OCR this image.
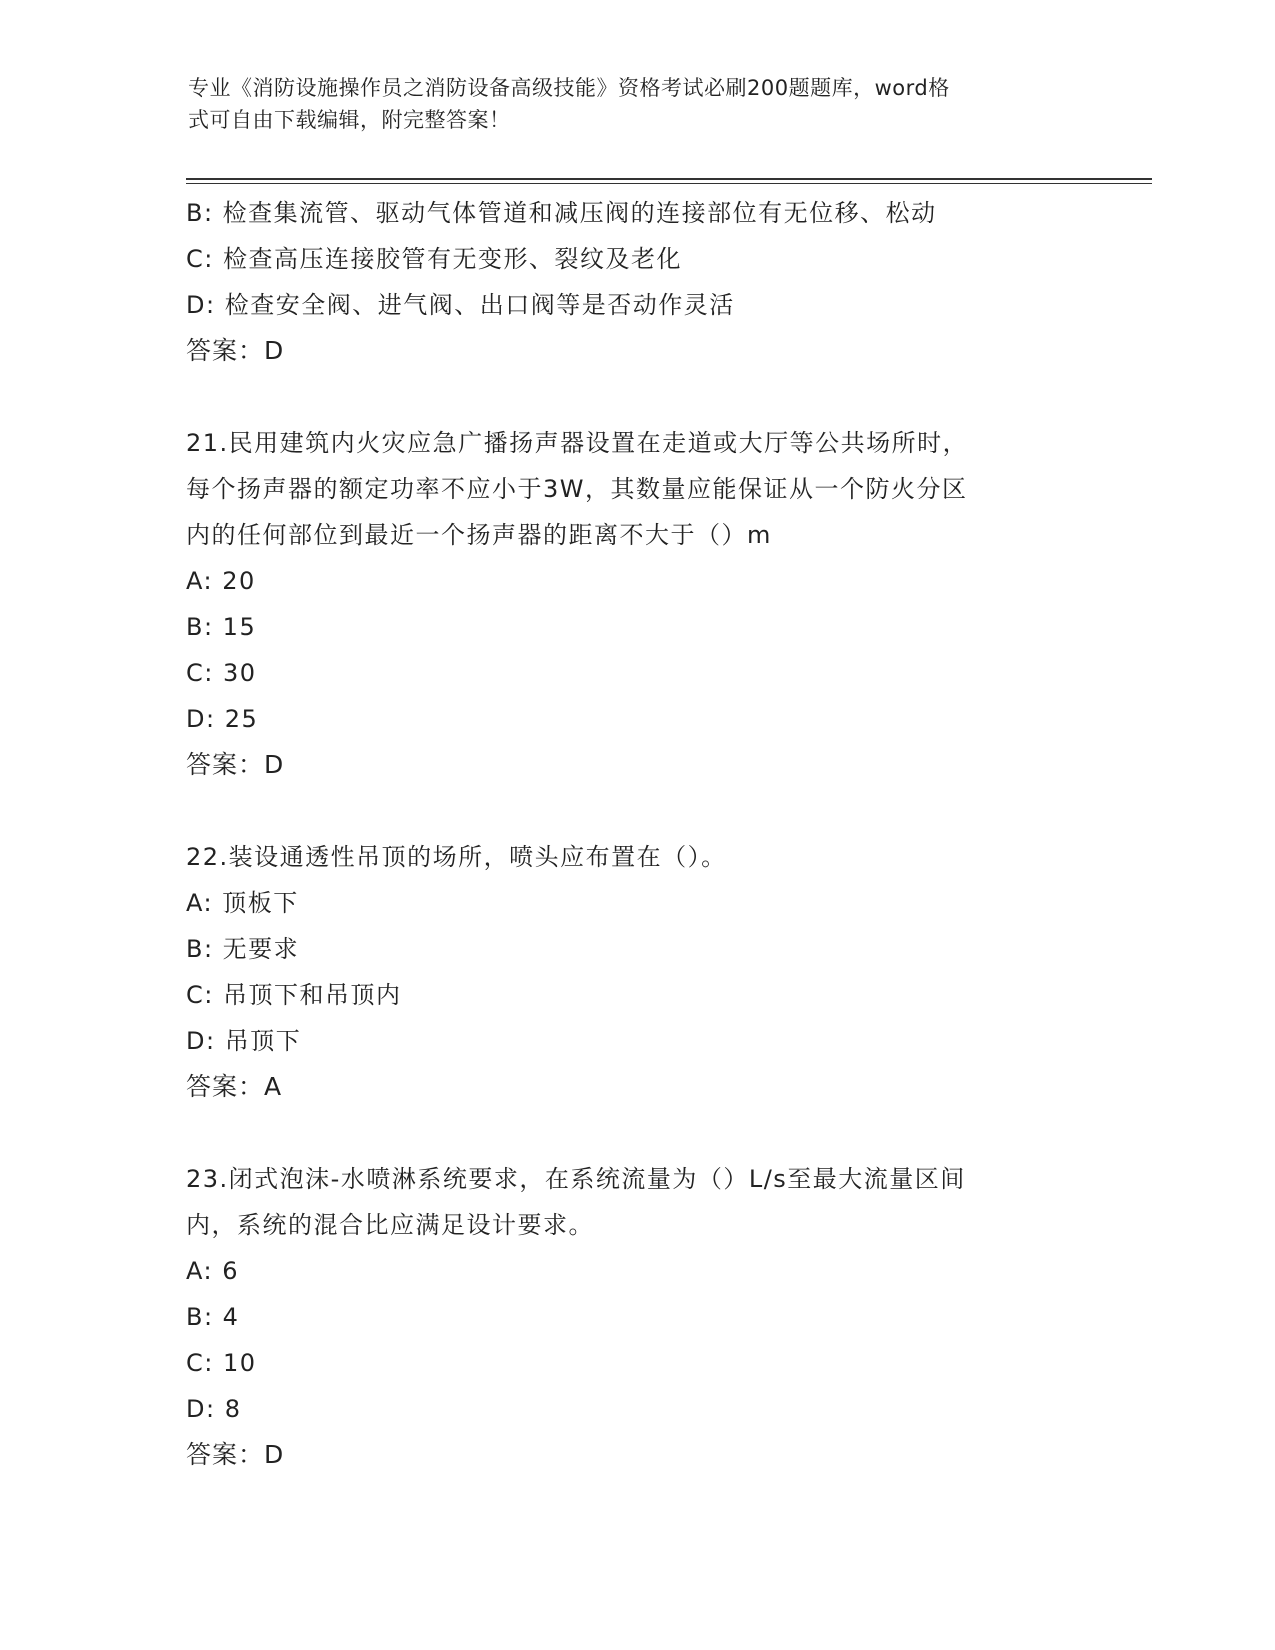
专业《消防设施操作员之消防设备高级技能》资格考试必刷200题题库，word格
式可自由下载编辑，附完整答案！
B: 检查集流管、驱动气体管道和减压阀的连接部位有无位移、松动
C: 检查高压连接胶管有无变形、裂纹及老化
D: 检查安全阀、进气阀、出口阀等是否动作灵活
答案：D
21.民用建筑内火灾应急广播扬声器设置在走道或大厅等公共场所时，
每个扬声器的额定功率不应小于3W，其数量应能保证从一个防火分区
内的任何部位到最近一个扬声器的距离不大于（）m
A: 20
B: 15
C: 30
D: 25
答案：D
22.装设通透性吊顶的场所，喷头应布置在（）。
A: 顶板下
B: 无要求
C: 吊顶下和吊顶内
D: 吊顶下
答案：A
23.闭式泡沫-水喷淋系统要求，在系统流量为（）L/s至最大流量区间
内，系统的混合比应满足设计要求。
A: 6
B: 4
C: 10
D: 8
答案：D
